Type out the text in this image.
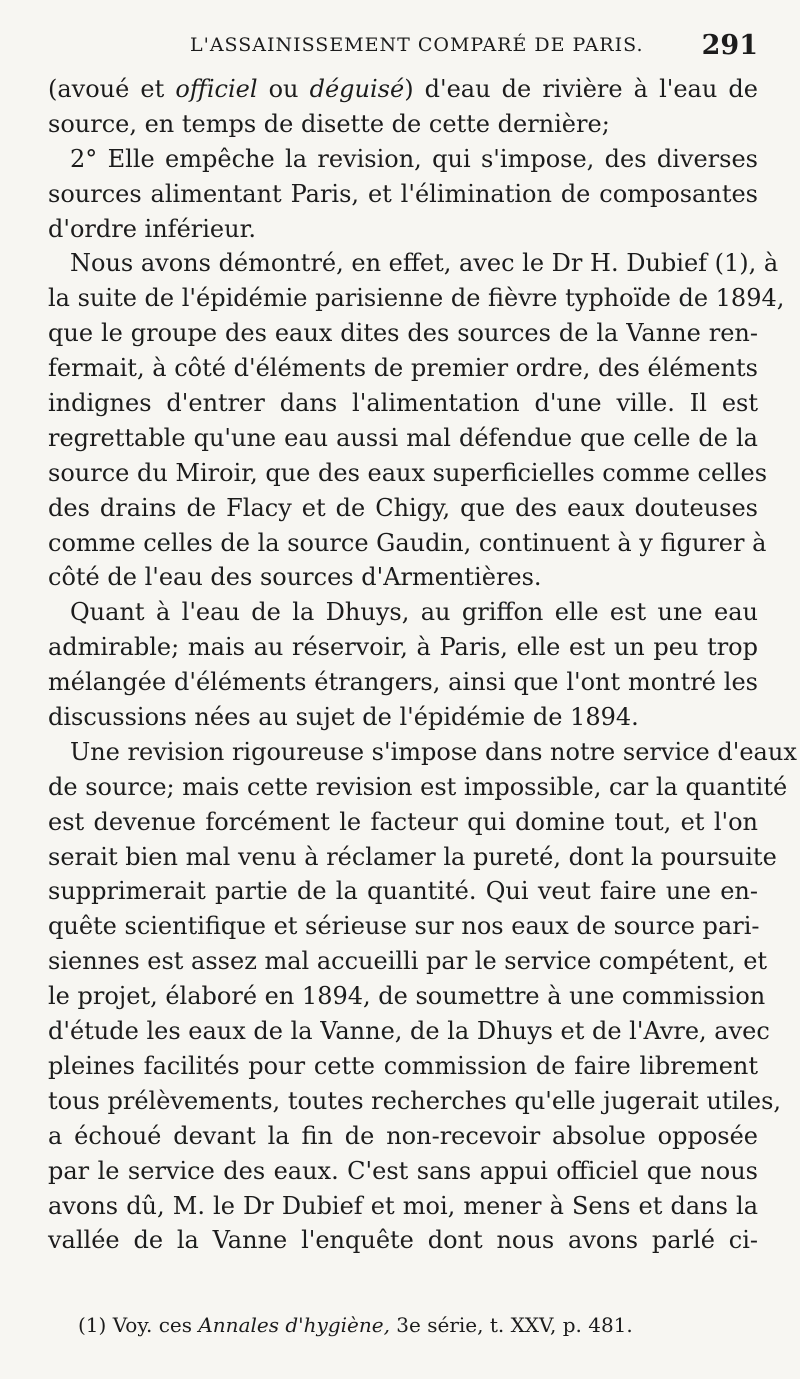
L'ASSAINISSEMENT COMPARÉ DE PARIS. 291
(avoué et officiel ou déguisé) d'eau de rivière à l'eau de
source, en temps de disette de cette dernière;
2° Elle empêche la revision, qui s'impose, des diverses
sources alimentant Paris, et l'élimination de composantes
d'ordre inférieur.
Nous avons démontré, en effet, avec le Dr H. Dubief (1), à
la suite de l'épidémie parisienne de fièvre typhoïde de 1894,
que le groupe des eaux dites des sources de la Vanne ren-
fermait, à côté d'éléments de premier ordre, des éléments
indignes d'entrer dans l'alimentation d'une ville. Il est
regrettable qu'une eau aussi mal défendue que celle de la
source du Miroir, que des eaux superficielles comme celles
des drains de Flacy et de Chigy, que des eaux douteuses
comme celles de la source Gaudin, continuent à y figurer à
côté de l'eau des sources d'Armentières.
Quant à l'eau de la Dhuys, au griffon elle est une eau
admirable; mais au réservoir, à Paris, elle est un peu trop
mélangée d'éléments étrangers, ainsi que l'ont montré les
discussions nées au sujet de l'épidémie de 1894.
Une revision rigoureuse s'impose dans notre service d'eaux
de source; mais cette revision est impossible, car la quantité
est devenue forcément le facteur qui domine tout, et l'on
serait bien mal venu à réclamer la pureté, dont la poursuite
supprimerait partie de la quantité. Qui veut faire une en-
quête scientifique et sérieuse sur nos eaux de source pari-
siennes est assez mal accueilli par le service compétent, et
le projet, élaboré en 1894, de soumettre à une commission
d'étude les eaux de la Vanne, de la Dhuys et de l'Avre, avec
pleines facilités pour cette commission de faire librement
tous prélèvements, toutes recherches qu'elle jugerait utiles,
a échoué devant la fin de non-recevoir absolue opposée
par le service des eaux. C'est sans appui officiel que nous
avons dû, M. le Dr Dubief et moi, mener à Sens et dans la
vallée de la Vanne l'enquête dont nous avons parlé ci-
(1) Voy. ces Annales d'hygiène, 3e série, t. XXV, p. 481.
